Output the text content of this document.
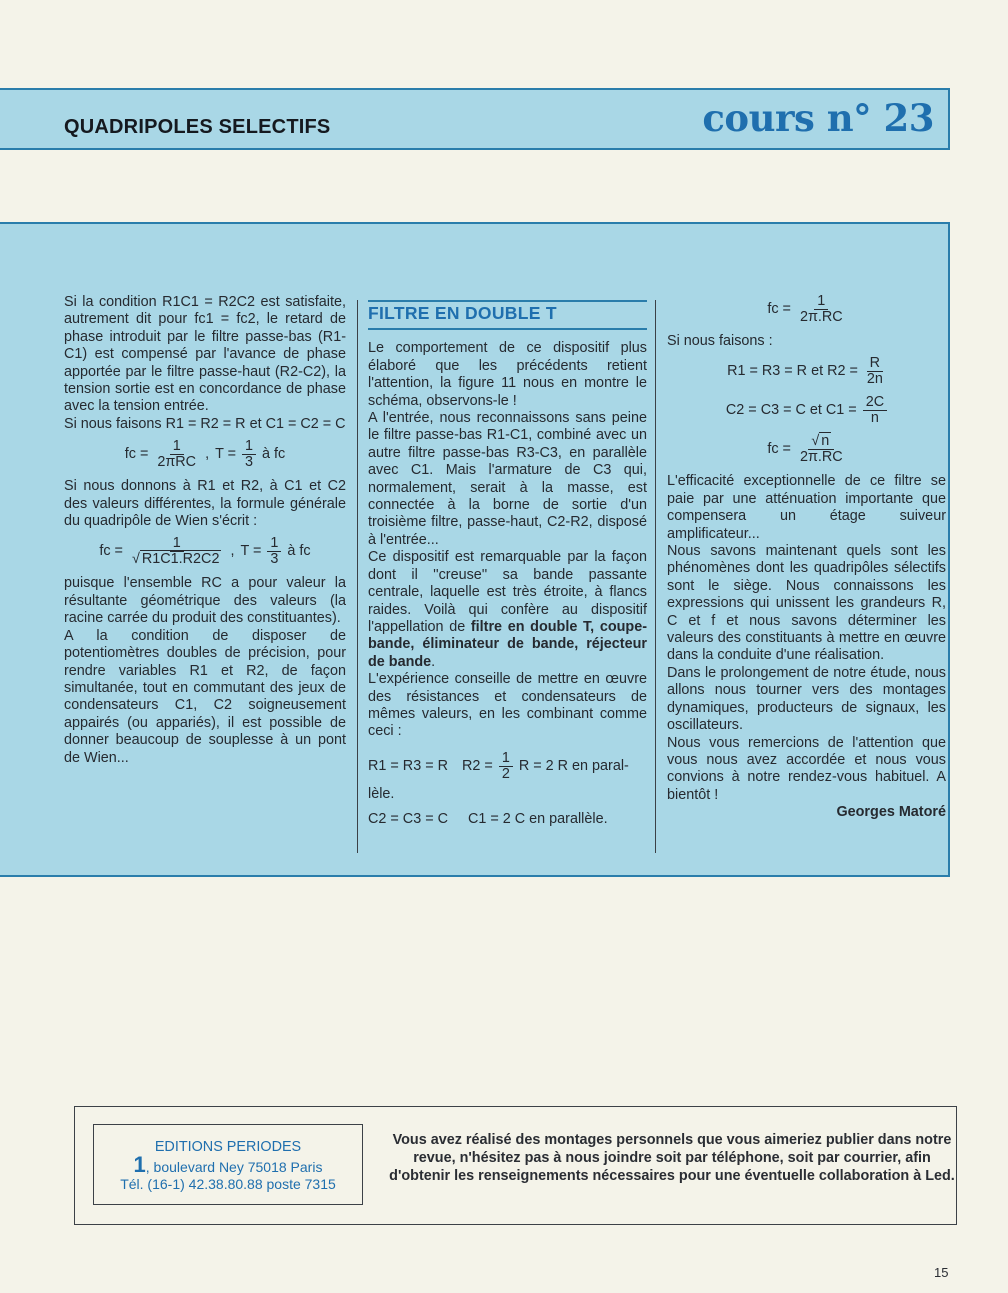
QUADRIPOLES SELECTIFS	cours n° 23

Si la condition R1C1 = R2C2 est satisfaite, autrement dit pour fc1 = fc2, le retard de phase introduit par le filtre passe-bas (R1-C1) est compensé par l'avance de phase apportée par le filtre passe-haut (R2-C2), la tension sortie est en concordance de phase avec la tension entrée.

Si nous faisons R1 = R2 = R et C1 = C2 = C

fc = $\frac{1}{\text{2πRC}}$ , $T = \frac{1}{3}$ à fc

Si nous donnons à R1 et R2, à C1 et C2 des valeurs différentes, la formule générale du quadripôle de Wien s'écrit :

fc = $\frac{1}{√ R1C1.R2C2}$ , $T = \frac{1}{3}$ à fc

puisque l'ensemble RC a pour valeur la résultante géométrique des valeurs (la racine carrée du produit des constituantes).

A la condition de disposer de potentiomètres doubles de précision, pour rendre variables R1 et R2, de façon simultanée, tout en commutant des jeux de condensateurs C1, C2 soigneusement appairés (ou appariés), il est possible de donner beaucoup de souplesse à un pont de Wien...

FILTRE EN DOUBLE T

Le comportement de ce dispositif plus élaboré que les précédents retient l'attention, la figure 11 nous en montre le schéma, observons-le !

A l'entrée, nous reconnaissons sans peine le filtre passe-bas R1-C1, combiné avec un autre filtre passe-bas R3-C3, en parallèle avec C1. Mais l'armature de C3 qui, normalement, serait à la masse, est connectée à la borne de sortie d'un troisième filtre, passe-haut, C2-R2, disposé à l'entrée...

Ce dispositif est remarquable par la façon dont il ''creuse'' sa bande passante centrale, laquelle est très étroite, à flancs raides. Voilà qui confère au dispositif l'appellation de filtre en double T, coupe-bande, éliminateur de bande, réjecteur de bande.

L'expérience conseille de mettre en œuvre des résistances et condensateurs de mêmes valeurs, en les combinant comme ceci :

R1 = R3 = R $R2 = \frac{1}{2}$ R = 2 R en paral-

lèle.

C2 = C3 = C     C1 = 2 C en parallèle.

fc = $\frac{1}{2\pi.RC}$

Si nous faisons :

R1 = R3 = R et $R2 = \frac{R}{2n}$
C2 = C3 = C et $C1 = \frac{2C}{n}$
fc = $\frac{√ n}{2\pi.RC}$

L'efficacité exceptionnelle de ce filtre se paie par une atténuation importante que compensera un étage suiveur amplificateur...

Nous savons maintenant quels sont les phénomènes dont les quadripôles sélectifs sont le siège. Nous connaissons les expressions qui unissent les grandeurs R, C et f et nous savons déterminer les valeurs des constituants à mettre en œuvre dans la conduite d'une réalisation.

Dans le prolongement de notre étude, nous allons nous tourner vers des montages dynamiques, producteurs de signaux, les oscillateurs.

Nous vous remercions de l'attention que vous nous avez accordée et nous vous convions à notre rendez-vous habituel. A bientôt !

Georges Matoré

EDITIONS PERIODES
1, boulevard Ney 75018 Paris
Tél. (16-1) 42.38.80.88 poste 7315
Vous avez réalisé des montages personnels que vous aimeriez publier dans notre revue, n'hésitez pas à nous joindre soit par téléphone, soit par courrier, afin d'obtenir les renseignements nécessaires pour une éventuelle collaboration à Led.
15
